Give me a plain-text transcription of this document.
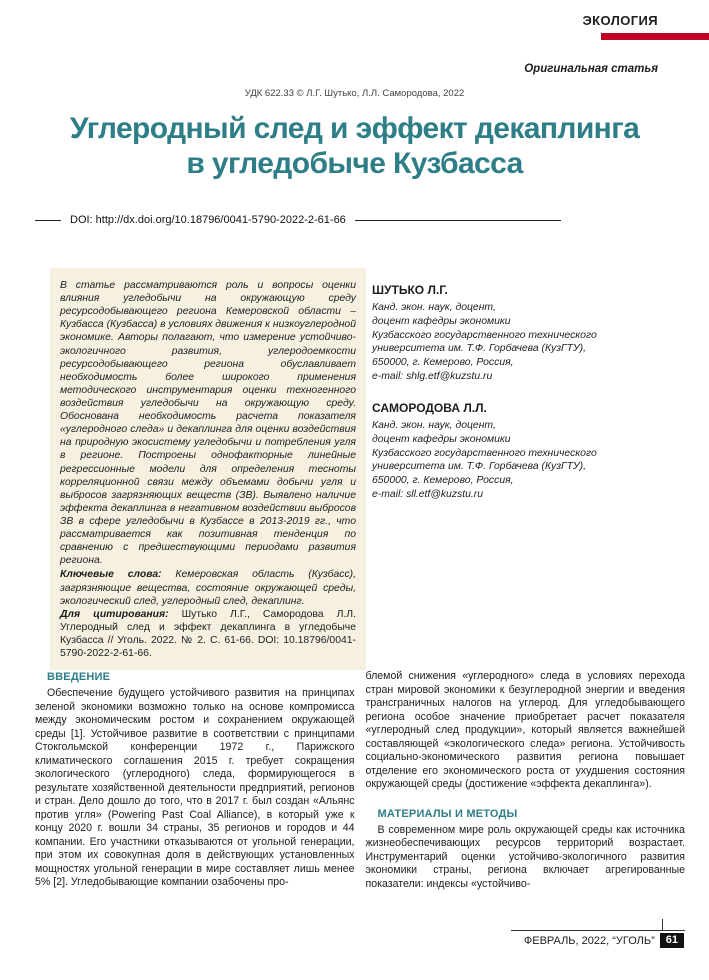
ЭКОЛОГИЯ
Оригинальная статья
УДК 622.33 © Л.Г. Шутько, Л.Л. Самородова, 2022
Углеродный след и эффект декаплинга
в угледобыче Кузбасса
DOI: http://dx.doi.org/10.18796/0041-5790-2022-2-61-66
В статье рассматриваются роль и вопросы оценки влияния угледобычи на окружающую среду ресурсодобывающего региона Кемеровской области – Кузбасса (Кузбасса) в условиях движения к низкоуглеродной экономике. Авторы полагают, что измерение устойчиво-экологичного развития, углеродоемкости ресурсодобывающего региона обуславливает необходимость более широкого применения методического инструментария оценки техногенного воздействия угледобычи на окружающую среду. Обоснована необходимость расчета показателя «углеродного следа» и декаплинга для оценки воздействия на природную экосистему угледобычи и потребления угля в регионе. Построены однофакторные линейные регрессионные модели для определения тесноты корреляционной связи между объемами добычи угля и выбросов загрязняющих веществ (ЗВ). Выявлено наличие эффекта декаплинга в негативном воздействии выбросов ЗВ в сфере угледобычи в Кузбассе в 2013-2019 гг., что рассматривается как позитивная тенденция по сравнению с предшествующими периодами развития региона.
Ключевые слова: Кемеровская область (Кузбасс), загрязняющие вещества, состояние окружающей среды, экологический след, углеродный след, декаплинг.
Для цитирования: Шутько Л.Г., Самородова Л.Л. Углеродный след и эффект декаплинга в угледобыче Кузбасса // Уголь. 2022. № 2. С. 61-66. DOI: 10.18796/0041-5790-2022-2-61-66.
ШУТЬКО Л.Г.
Канд. экон. наук, доцент,
доцент кафедры экономики
Кузбасского государственного технического
университета им. Т.Ф. Горбачева (КузГТУ),
650000, г. Кемерово, Россия,
e-mail: shlg.etf@kuzstu.ru
САМОРОДОВА Л.Л.
Канд. экон. наук, доцент,
доцент кафедры экономики
Кузбасского государственного технического
университета им. Т.Ф. Горбачева (КузГТУ),
650000, г. Кемерово, Россия,
e-mail: sll.etf@kuzstu.ru
ВВЕДЕНИЕ

Обеспечение будущего устойчивого развития на принципах зеленой экономики возможно только на основе компромисса между экономическим ростом и сохранением окружающей среды [1]. Устойчивое развитие в соответствии с принципами Стокгольмской конференции 1972 г., Парижского климатического соглашения 2015 г. требует сокращения экологического (углеродного) следа, формирующегося в результате хозяйственной деятельности предприятий, регионов и стран. Дело дошло до того, что в 2017 г. был создан «Альянс против угля» (Powering Past Coal Alliance), в который уже к концу 2020 г. вошли 34 страны, 35 регионов и городов и 44 компании. Его участники отказываются от угольной генерации, при этом их совокупная доля в действующих установленных мощностях угольной генерации в мире составляет лишь менее 5% [2]. Угледобывающие компании озабочены про-

блемой снижения «углеродного» следа в условиях перехода стран мировой экономики к безуглеродной энергии и введения трансграничных налогов на углерод. Для угледобывающего региона особое значение приобретает расчет показателя «углеродный след продукции», который является важнейшей составляющей «экологического следа» региона. Устойчивость социально-экономического развития региона повышает отделение его экономического роста от ухудшения состояния окружающей среды (достижение «эффекта декаплинга»).

МАТЕРИАЛЫ И МЕТОДЫ

В современном мире роль окружающей среды как источника жизнеобеспечивающих ресурсов территорий возрастает. Инструментарий оценки устойчиво-экологичного развития экономики страны, региона включает агрегированные показатели: индексы «устойчиво-

ФЕВРАЛЬ, 2022, “УГОЛЬ”	61
